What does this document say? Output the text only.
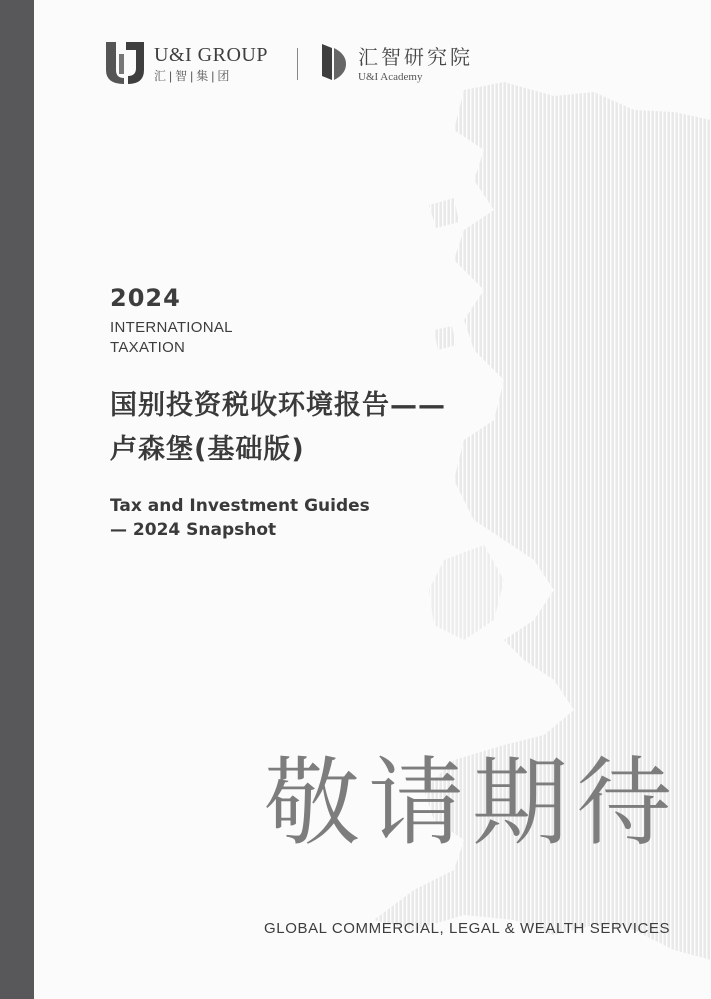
U&I GROUP
汇|智|集|团
汇智研究院
U&I Academy
2024
INTERNATIONAL
TAXATION
国别投资税收环境报告——
卢森堡(基础版)
Tax and Investment Guides
— 2024 Snapshot
敬请期待
GLOBAL COMMERCIAL, LEGAL & WEALTH SERVICES
